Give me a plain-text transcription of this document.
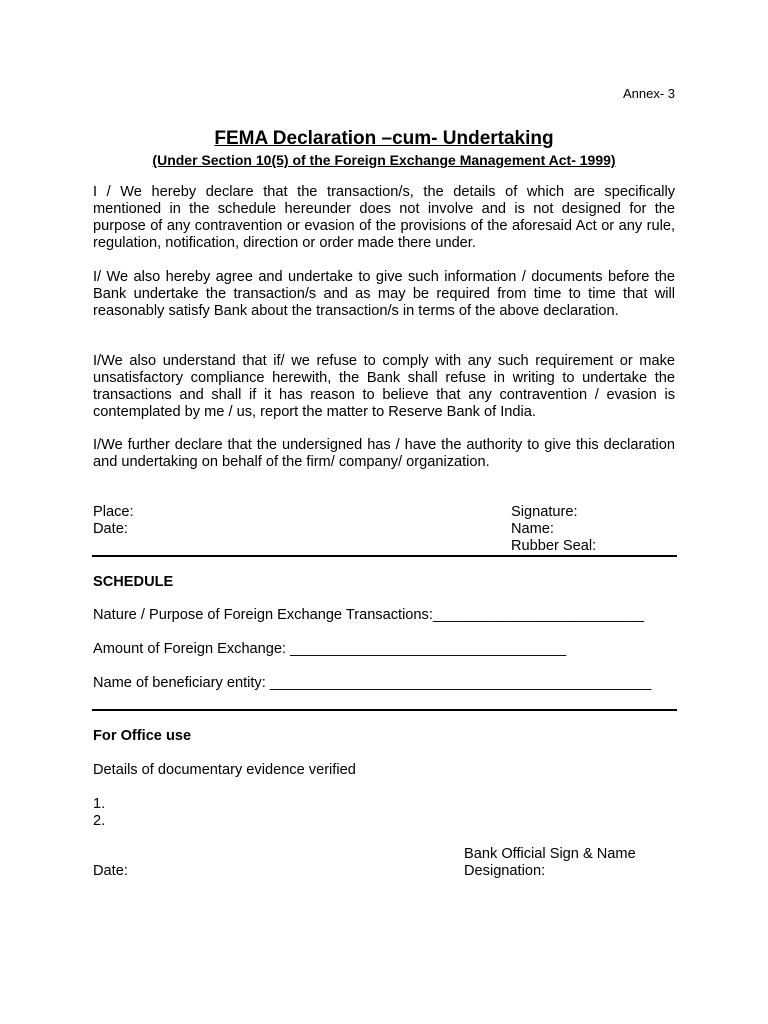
Annex- 3
FEMA Declaration –cum- Undertaking
(Under Section 10(5) of the Foreign Exchange Management Act- 1999)

I / We hereby declare that the transaction/s, the details of which are specifically mentioned in the schedule hereunder does not involve and is not designed for the purpose of any contravention or evasion of the provisions of the aforesaid Act or any rule, regulation, notification, direction or order made there under.

I/ We also hereby agree and undertake to give such information / documents before the Bank undertake the transaction/s and as may be required from time to time that will reasonably satisfy Bank about the transaction/s in terms of the above declaration.

I/We also understand that if/ we refuse to comply with any such requirement or make unsatisfactory compliance herewith, the Bank shall refuse in writing to undertake the transactions and shall if it has reason to believe that any contravention / evasion is contemplated by me / us, report the matter to Reserve Bank of India.

I/We further declare that the undersigned has / have the authority to give this declaration and undertaking on behalf of the firm/ company/ organization.

Place:
Date:
Signature:
Name:
Rubber Seal:
SCHEDULE
Nature / Purpose of Foreign Exchange Transactions:__________________________
Amount of Foreign Exchange: __________________________________
Name of beneficiary entity: _______________________________________________
For Office use
Details of documentary evidence verified
1.
2.
Bank Official Sign & Name
Date:	Designation:
